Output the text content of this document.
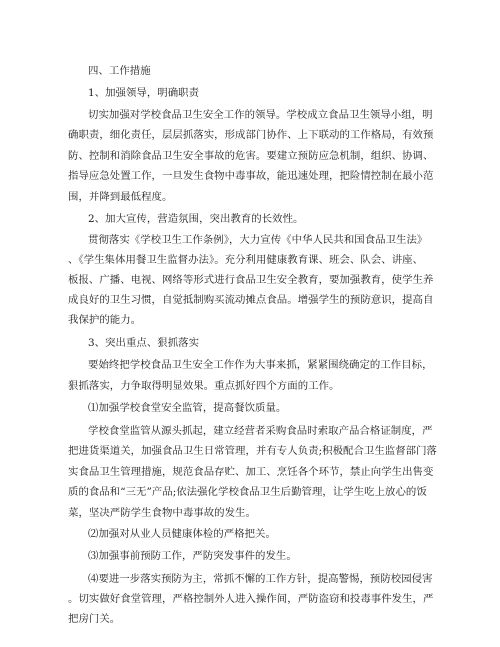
四、工作措施
1、加强领导，明确职责
切实加强对学校食品卫生安全工作的领导。学校成立食品卫生领导小组，明
确职责，细化责任，层层抓落实，形成部门协作、上下联动的工作格局，有效预
防、控制和消除食品卫生安全事故的危害。要建立预防应急机制，组织、协调、
指导应急处置工作，一旦发生食物中毒事故，能迅速处理，把险情控制在最小范
围，并降到最低程度。
2、加大宣传，营造氛围，突出教育的长效性。
贯彻落实《学校卫生工作条例》，大力宣传《中华人民共和国食品卫生法》
、《学生集体用餐卫生监督办法》。充分利用健康教育课、班会、队会、讲座、
板报、广播、电视、网络等形式进行食品卫生安全教育，要加强教育，使学生养
成良好的卫生习惯，自觉抵制购买流动摊点食品。增强学生的预防意识，提高自
我保护的能力。
3、突出重点、狠抓落实
要始终把学校食品卫生安全工作作为大事来抓，紧紧围绕确定的工作目标，
狠抓落实，力争取得明显效果。重点抓好四个方面的工作。
⑴加强学校食堂安全监管，提高餐饮质量。
学校食堂监管从源头抓起，建立经营者采购食品时索取产品合格证制度，严
把进货渠道关，加强食品卫生日常管理，并有专人负责;积极配合卫生监督部门落
实食品卫生管理措施，规范食品存贮、加工、烹饪各个环节，禁止向学生出售变
质的食品和“三无”产品;依法强化学校食品卫生后勤管理，让学生吃上放心的饭
菜，坚决严防学生食物中毒事故的发生。
⑵加强对从业人员健康体检的严格把关。
⑶加强事前预防工作，严防突发事件的发生。
⑷要进一步落实预防为主，常抓不懈的工作方针，提高警惕，预防校园侵害
。切实做好食堂管理，严格控制外人进入操作间，严防盗窃和投毒事件发生，严
把房门关。
